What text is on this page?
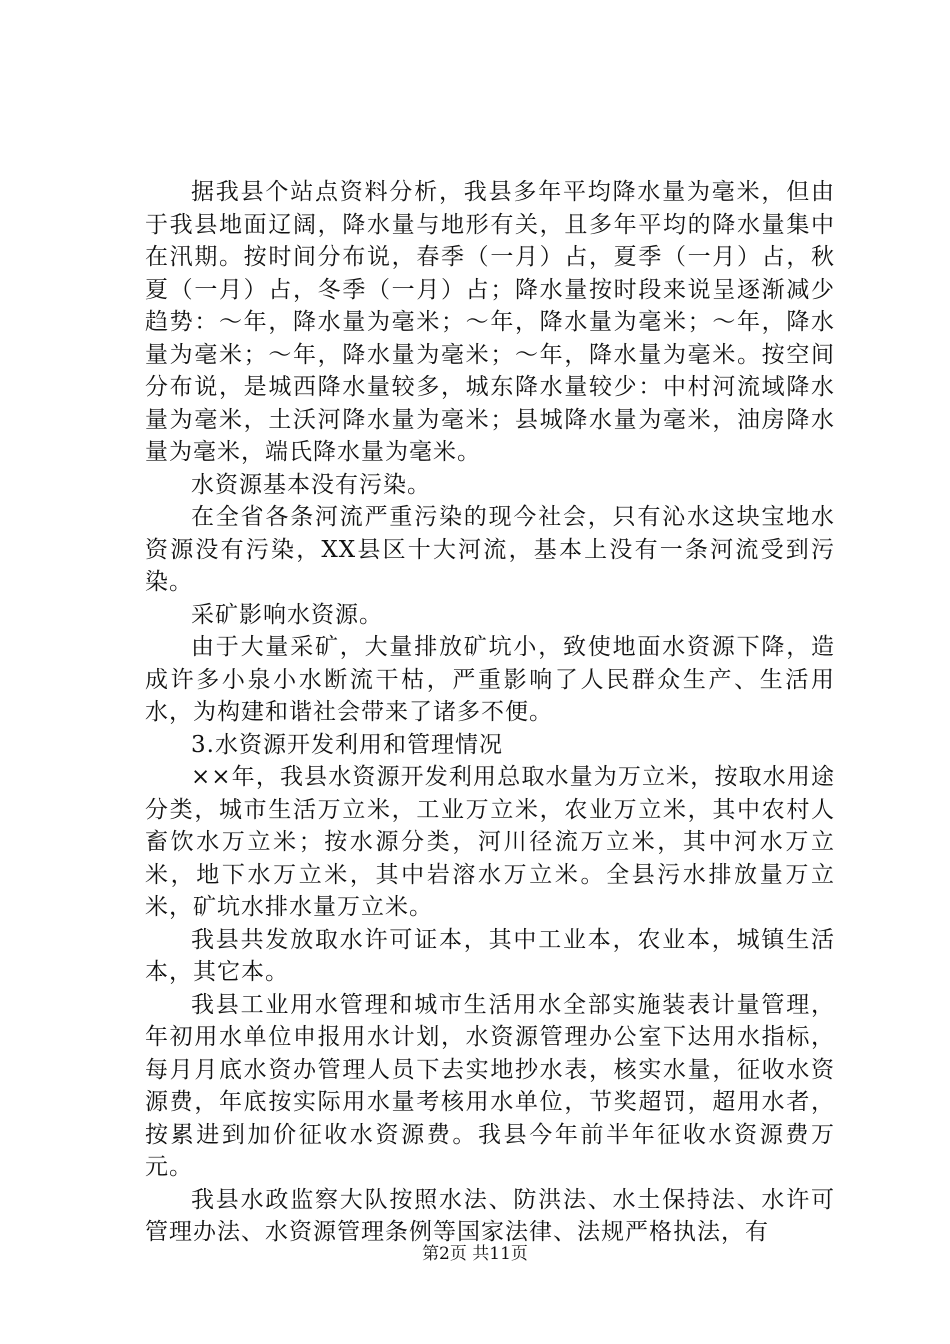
据我县个站点资料分析，我县多年平均降水量为毫米，但由于我县地面辽阔，降水量与地形有关，且多年平均的降水量集中在汛期。按时间分布说，春季（一月）占，夏季（一月）占，秋夏（一月）占，冬季（一月）占；降水量按时段来说呈逐渐减少趋势：～年，降水量为毫米；～年，降水量为毫米；～年，降水量为毫米；～年，降水量为毫米；～年，降水量为毫米。按空间分布说，是城西降水量较多，城东降水量较少：中村河流域降水量为毫米，土沃河降水量为毫米；县城降水量为毫米，油房降水量为毫米，端氏降水量为毫米。

水资源基本没有污染。

在全省各条河流严重污染的现今社会，只有沁水这块宝地水资源没有污染，XX县区十大河流，基本上没有一条河流受到污染。

采矿影响水资源。

由于大量采矿，大量排放矿坑小，致使地面水资源下降，造成许多小泉小水断流干枯，严重影响了人民群众生产、生活用水，为构建和谐社会带来了诸多不便。

3.水资源开发利用和管理情况

××年，我县水资源开发利用总取水量为万立米，按取水用途分类，城市生活万立米，工业万立米，农业万立米，其中农村人畜饮水万立米；按水源分类，河川径流万立米，其中河水万立米，地下水万立米，其中岩溶水万立米。全县污水排放量万立米，矿坑水排水量万立米。

我县共发放取水许可证本，其中工业本，农业本，城镇生活本，其它本。

我县工业用水管理和城市生活用水全部实施装表计量管理，年初用水单位申报用水计划，水资源管理办公室下达用水指标，每月月底水资办管理人员下去实地抄水表，核实水量，征收水资源费，年底按实际用水量考核用水单位，节奖超罚，超用水者，按累进到加价征收水资源费。我县今年前半年征收水资源费万元。

我县水政监察大队按照水法、防洪法、水土保持法、水许可管理办法、水资源管理条例等国家法律、法规严格执法，有

第2页 共11页
